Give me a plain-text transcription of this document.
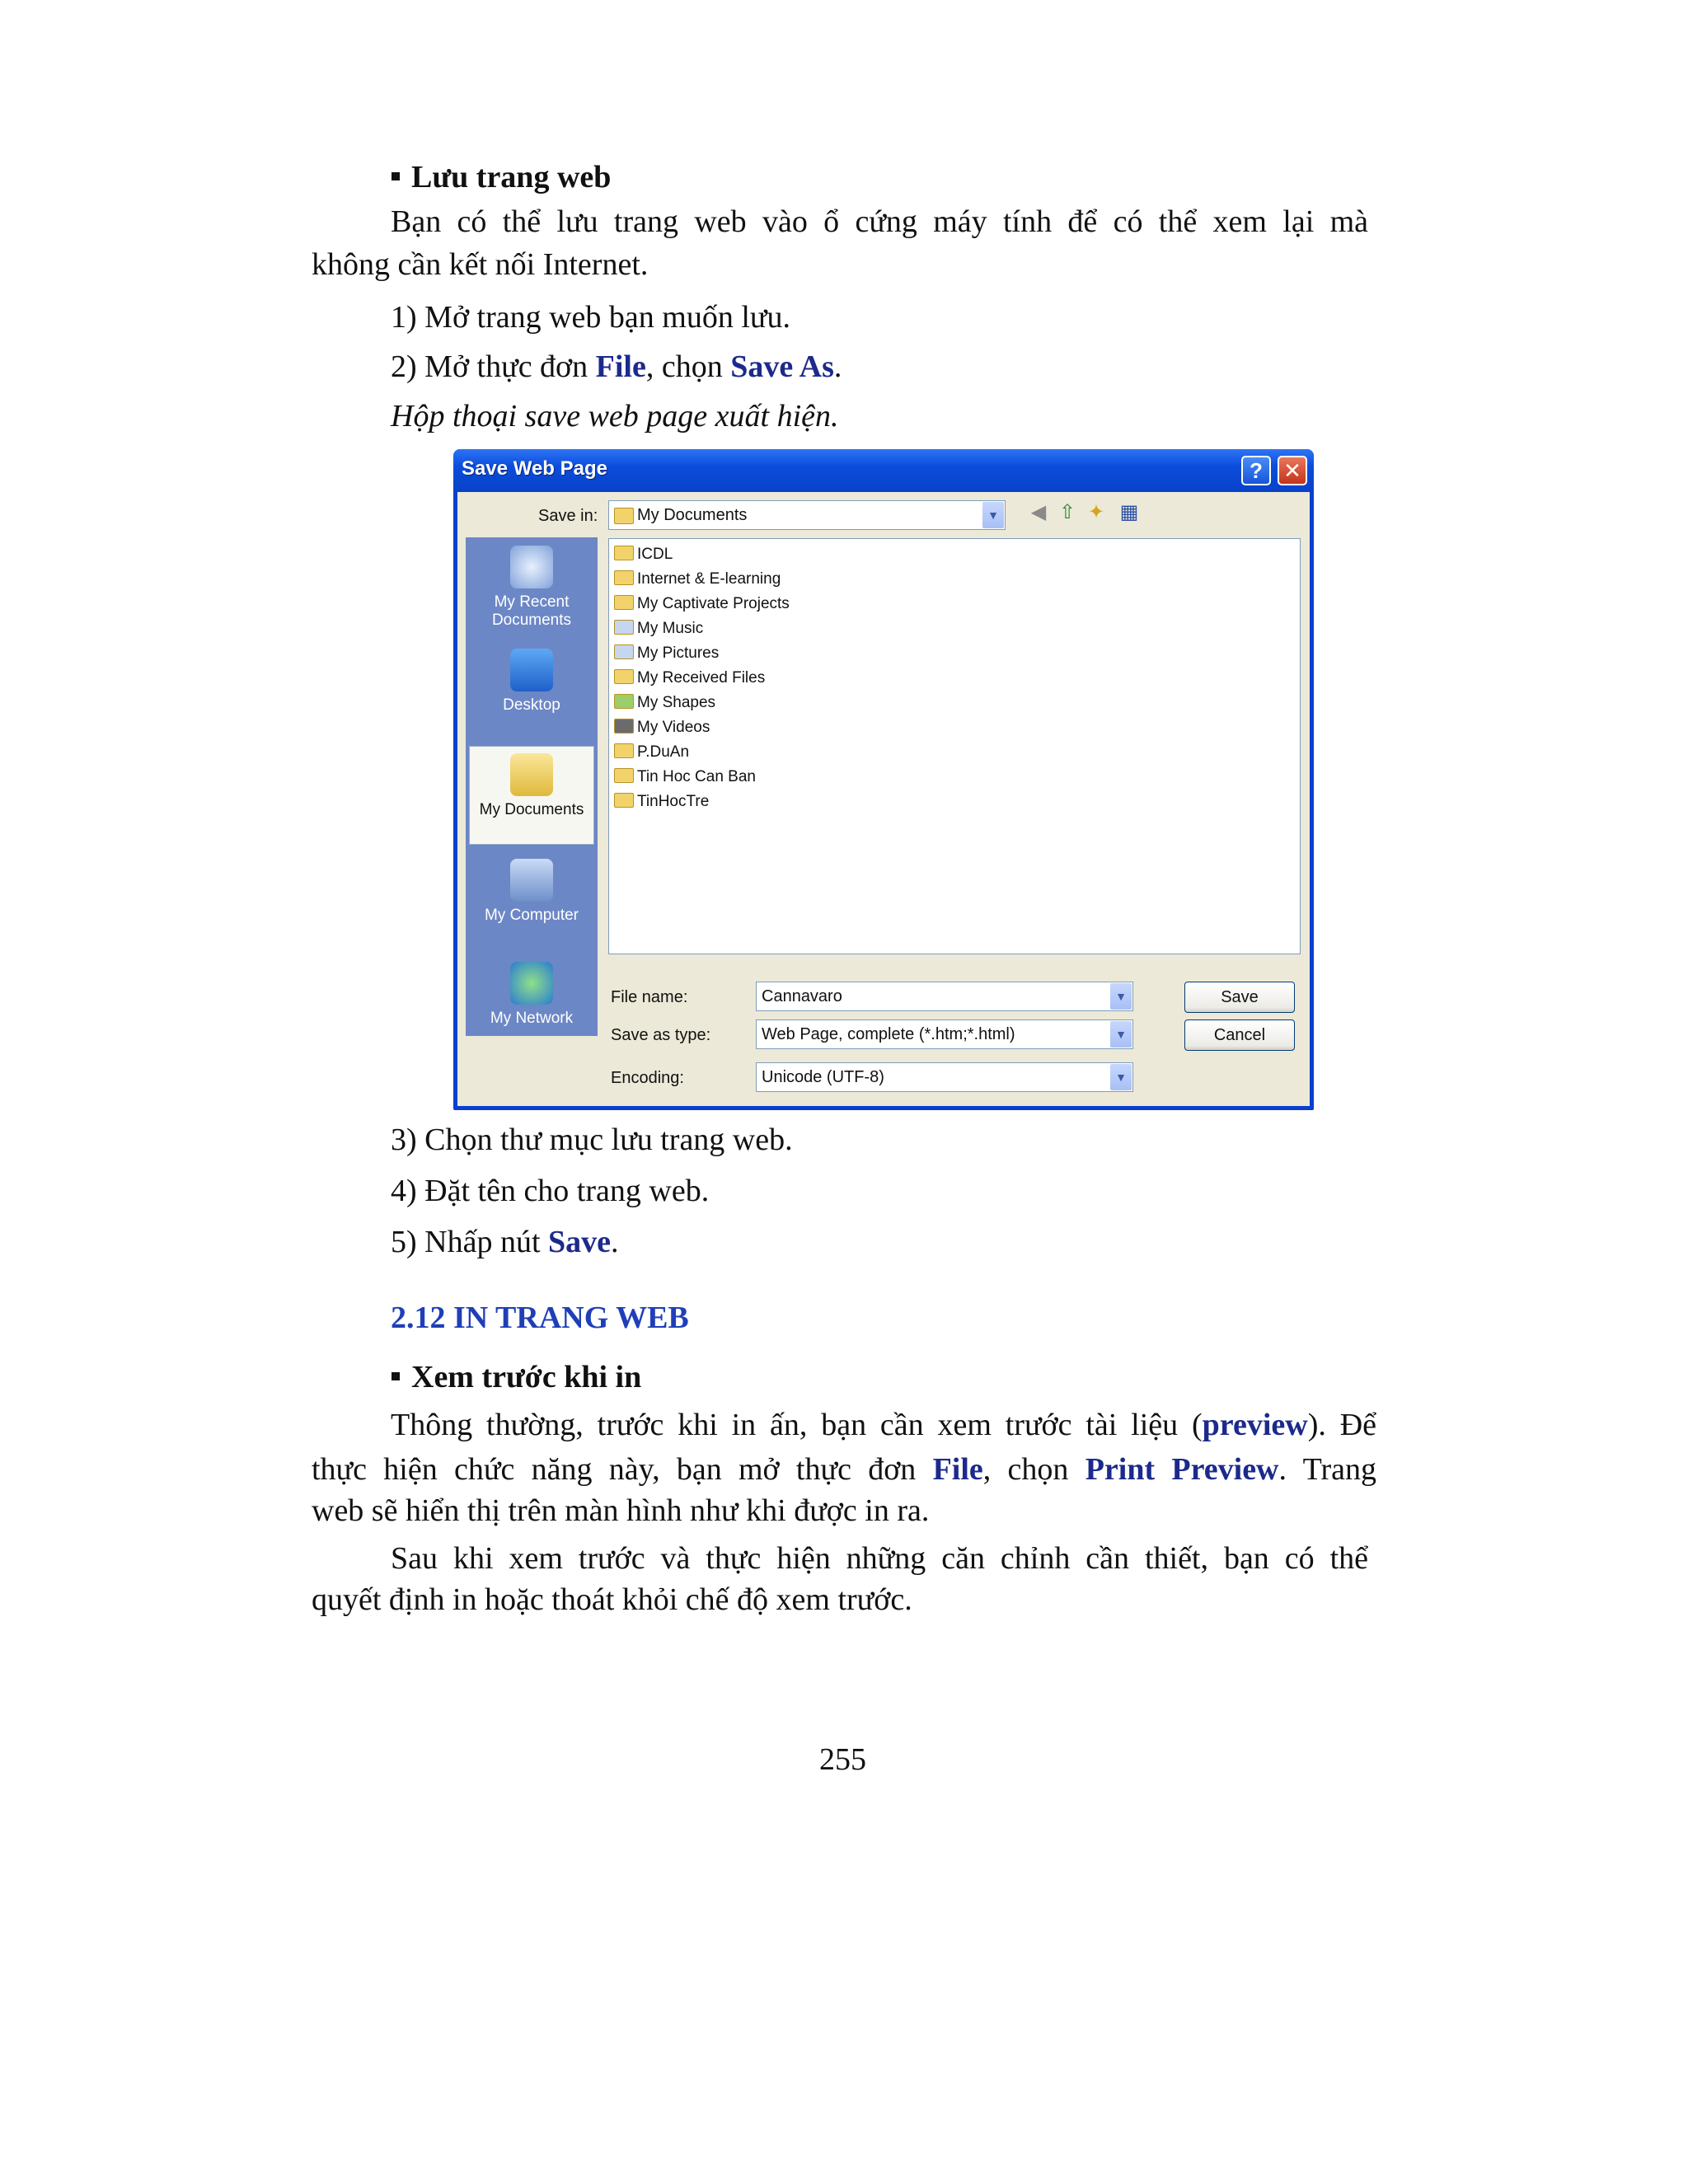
Lưu trang web
Bạn có thể lưu trang web vào ổ cứng máy tính để có thể xem lại mà
không cần kết nối Internet.
1) Mở trang web bạn muốn lưu.
2) Mở thực đơn File, chọn Save As.
Hộp thoại save web page xuất hiện.
Save Web Page	? ✕
Save in:	My Documents	▼ ◀ ⇧ ✦ ▦
My Recent
Documents
Desktop
My Documents
My Computer
My Network
ICDL
Internet & E-learning
My Captivate Projects
My Music
My Pictures
My Received Files
My Shapes
My Videos
P.DuAn
Tin Hoc Can Ban
TinHocTre
File name:	Cannavaro	▼
Save as type:	Web Page, complete (*.htm;*.html)	▼
Encoding:	Unicode (UTF-8)	▼
Save
Cancel
3) Chọn thư mục lưu trang web.
4) Đặt tên cho trang web.
5) Nhấp nút Save.
2.12 IN TRANG WEB
Xem trước khi in
Thông thường, trước khi in ấn, bạn cần xem trước tài liệu (preview). Để
thực hiện chức năng này, bạn mở thực đơn File, chọn Print Preview. Trang
web sẽ hiển thị trên màn hình như khi được in ra.
Sau khi xem trước và thực hiện những căn chỉnh cần thiết, bạn có thể
quyết định in hoặc thoát khỏi chế độ xem trước.
255
